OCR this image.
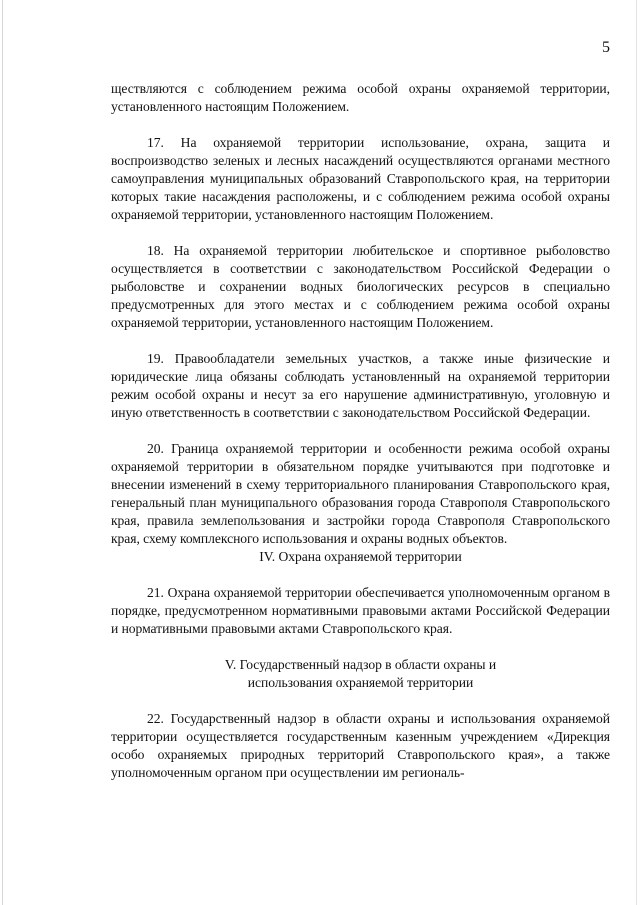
5

ществляются с соблюдением режима особой охраны охраняемой территории, установленного настоящим Положением.

17. На охраняемой территории использование, охрана, защита и воспроизводство зеленых и лесных насаждений осуществляются органами местного самоуправления муниципальных образований Ставропольского края, на территории которых такие насаждения расположены, и с соблюдением режима особой охраны охраняемой территории, установленного настоящим Положением.

18. На охраняемой территории любительское и спортивное рыболовство осуществляется в соответствии с законодательством Российской Федерации о рыболовстве и сохранении водных биологических ресурсов в специально предусмотренных для этого местах и с соблюдением режима особой охраны охраняемой территории, установленного настоящим Положением.

19. Правообладатели земельных участков, а также иные физические и юридические лица обязаны соблюдать установленный на охраняемой территории режим особой охраны и несут за его нарушение административную, уголовную и иную ответственность в соответствии с законодательством Российской Федерации.

20. Граница охраняемой территории и особенности режима особой охраны охраняемой территории в обязательном порядке учитываются при подготовке и внесении изменений в схему территориального планирования Ставропольского края, генеральный план муниципального образования города Ставрополя Ставропольского края, правила землепользования и застройки города Ставрополя Ставропольского края, схему комплексного использования и охраны водных объектов.

IV. Охрана охраняемой территории

21. Охрана охраняемой территории обеспечивается уполномоченным органом в порядке, предусмотренном нормативными правовыми актами Российской Федерации и нормативными правовыми актами Ставропольского края.

V. Государственный надзор в области охраны и

использования охраняемой территории

22. Государственный надзор в области охраны и использования охраняемой территории осуществляется государственным казенным учреждением «Дирекция особо охраняемых природных территорий Ставропольского края», а также уполномоченным органом при осуществлении им региональ-
